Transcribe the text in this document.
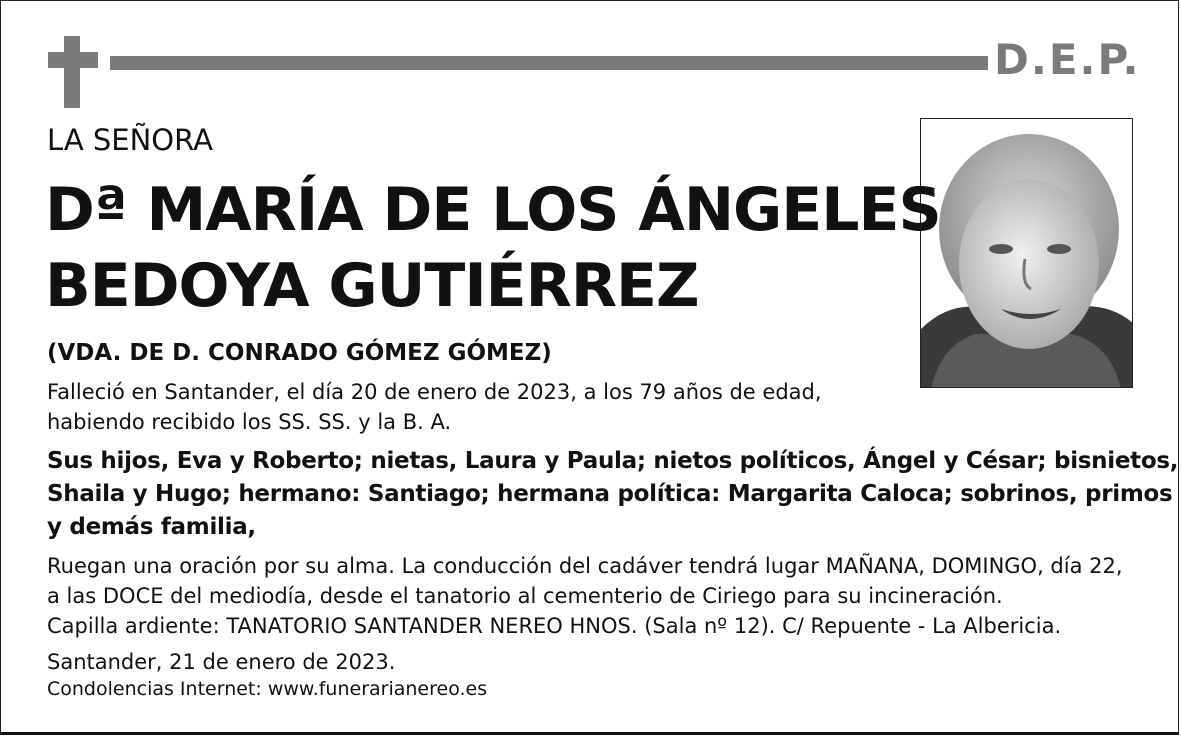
D.E.P.
LA SEÑORA
Dª MARÍA DE LOS ÁNGELES
BEDOYA GUTIÉRREZ
(VDA. DE D. CONRADO GÓMEZ GÓMEZ)
Falleció en Santander, el día 20 de enero de 2023, a los 79 años de edad,
habiendo recibido los SS. SS. y la B. A.
Sus hijos, Eva y Roberto; nietas, Laura y Paula; nietos políticos, Ángel y César; bisnietos,
Shaila y Hugo; hermano: Santiago; hermana política: Margarita Caloca; sobrinos, primos
y demás familia,
Ruegan una oración por su alma. La conducción del cadáver tendrá lugar MAÑANA, DOMINGO, día 22,
a las DOCE del mediodía, desde el tanatorio al cementerio de Ciriego para su incineración.
Capilla ardiente: TANATORIO SANTANDER NEREO HNOS. (Sala nº 12). C/ Repuente - La Albericia.
Santander, 21 de enero de 2023.
Condolencias Internet: www.funerarianereo.es
